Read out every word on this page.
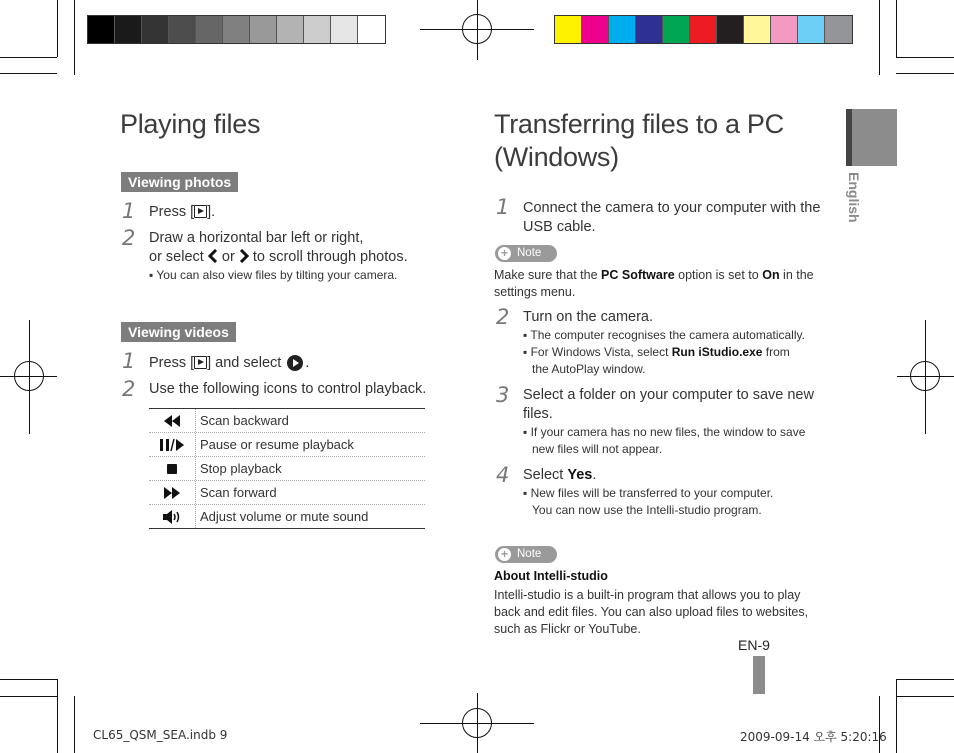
Playing files
Viewing photos
1 Press [ ].
2 Draw a horizontal bar left or right,
or select or to scroll through photos.
▪ You can also view files by tilting your camera.
Viewing videos
1 Press [ ] and select .
2 Use the following icons to control playback.
Scan backward
Pause or resume playback
Stop playback
Scan forward
Adjust volume or mute sound
Transferring files to a PC
(Windows)
1 Connect the camera to your computer with the
USB cable.
+ Note
Make sure that the PC Software option is set to On in the
settings menu.
2 Turn on the camera.
▪ The computer recognises the camera automatically.
▪ For Windows Vista, select Run iStudio.exe from
the AutoPlay window.
3 Select a folder on your computer to save new
files.
▪ If your camera has no new files, the window to save
new files will not appear.
4 Select Yes.
▪ New files will be transferred to your computer.
You can now use the Intelli-studio program.
+ Note
About Intelli-studio
Intelli-studio is a built-in program that allows you to play
back and edit files. You can also upload files to websites,
such as Flickr or YouTube.
English
EN-9
CL65_QSM_SEA.indb 9	2009-09-14 오후 5:20:16
